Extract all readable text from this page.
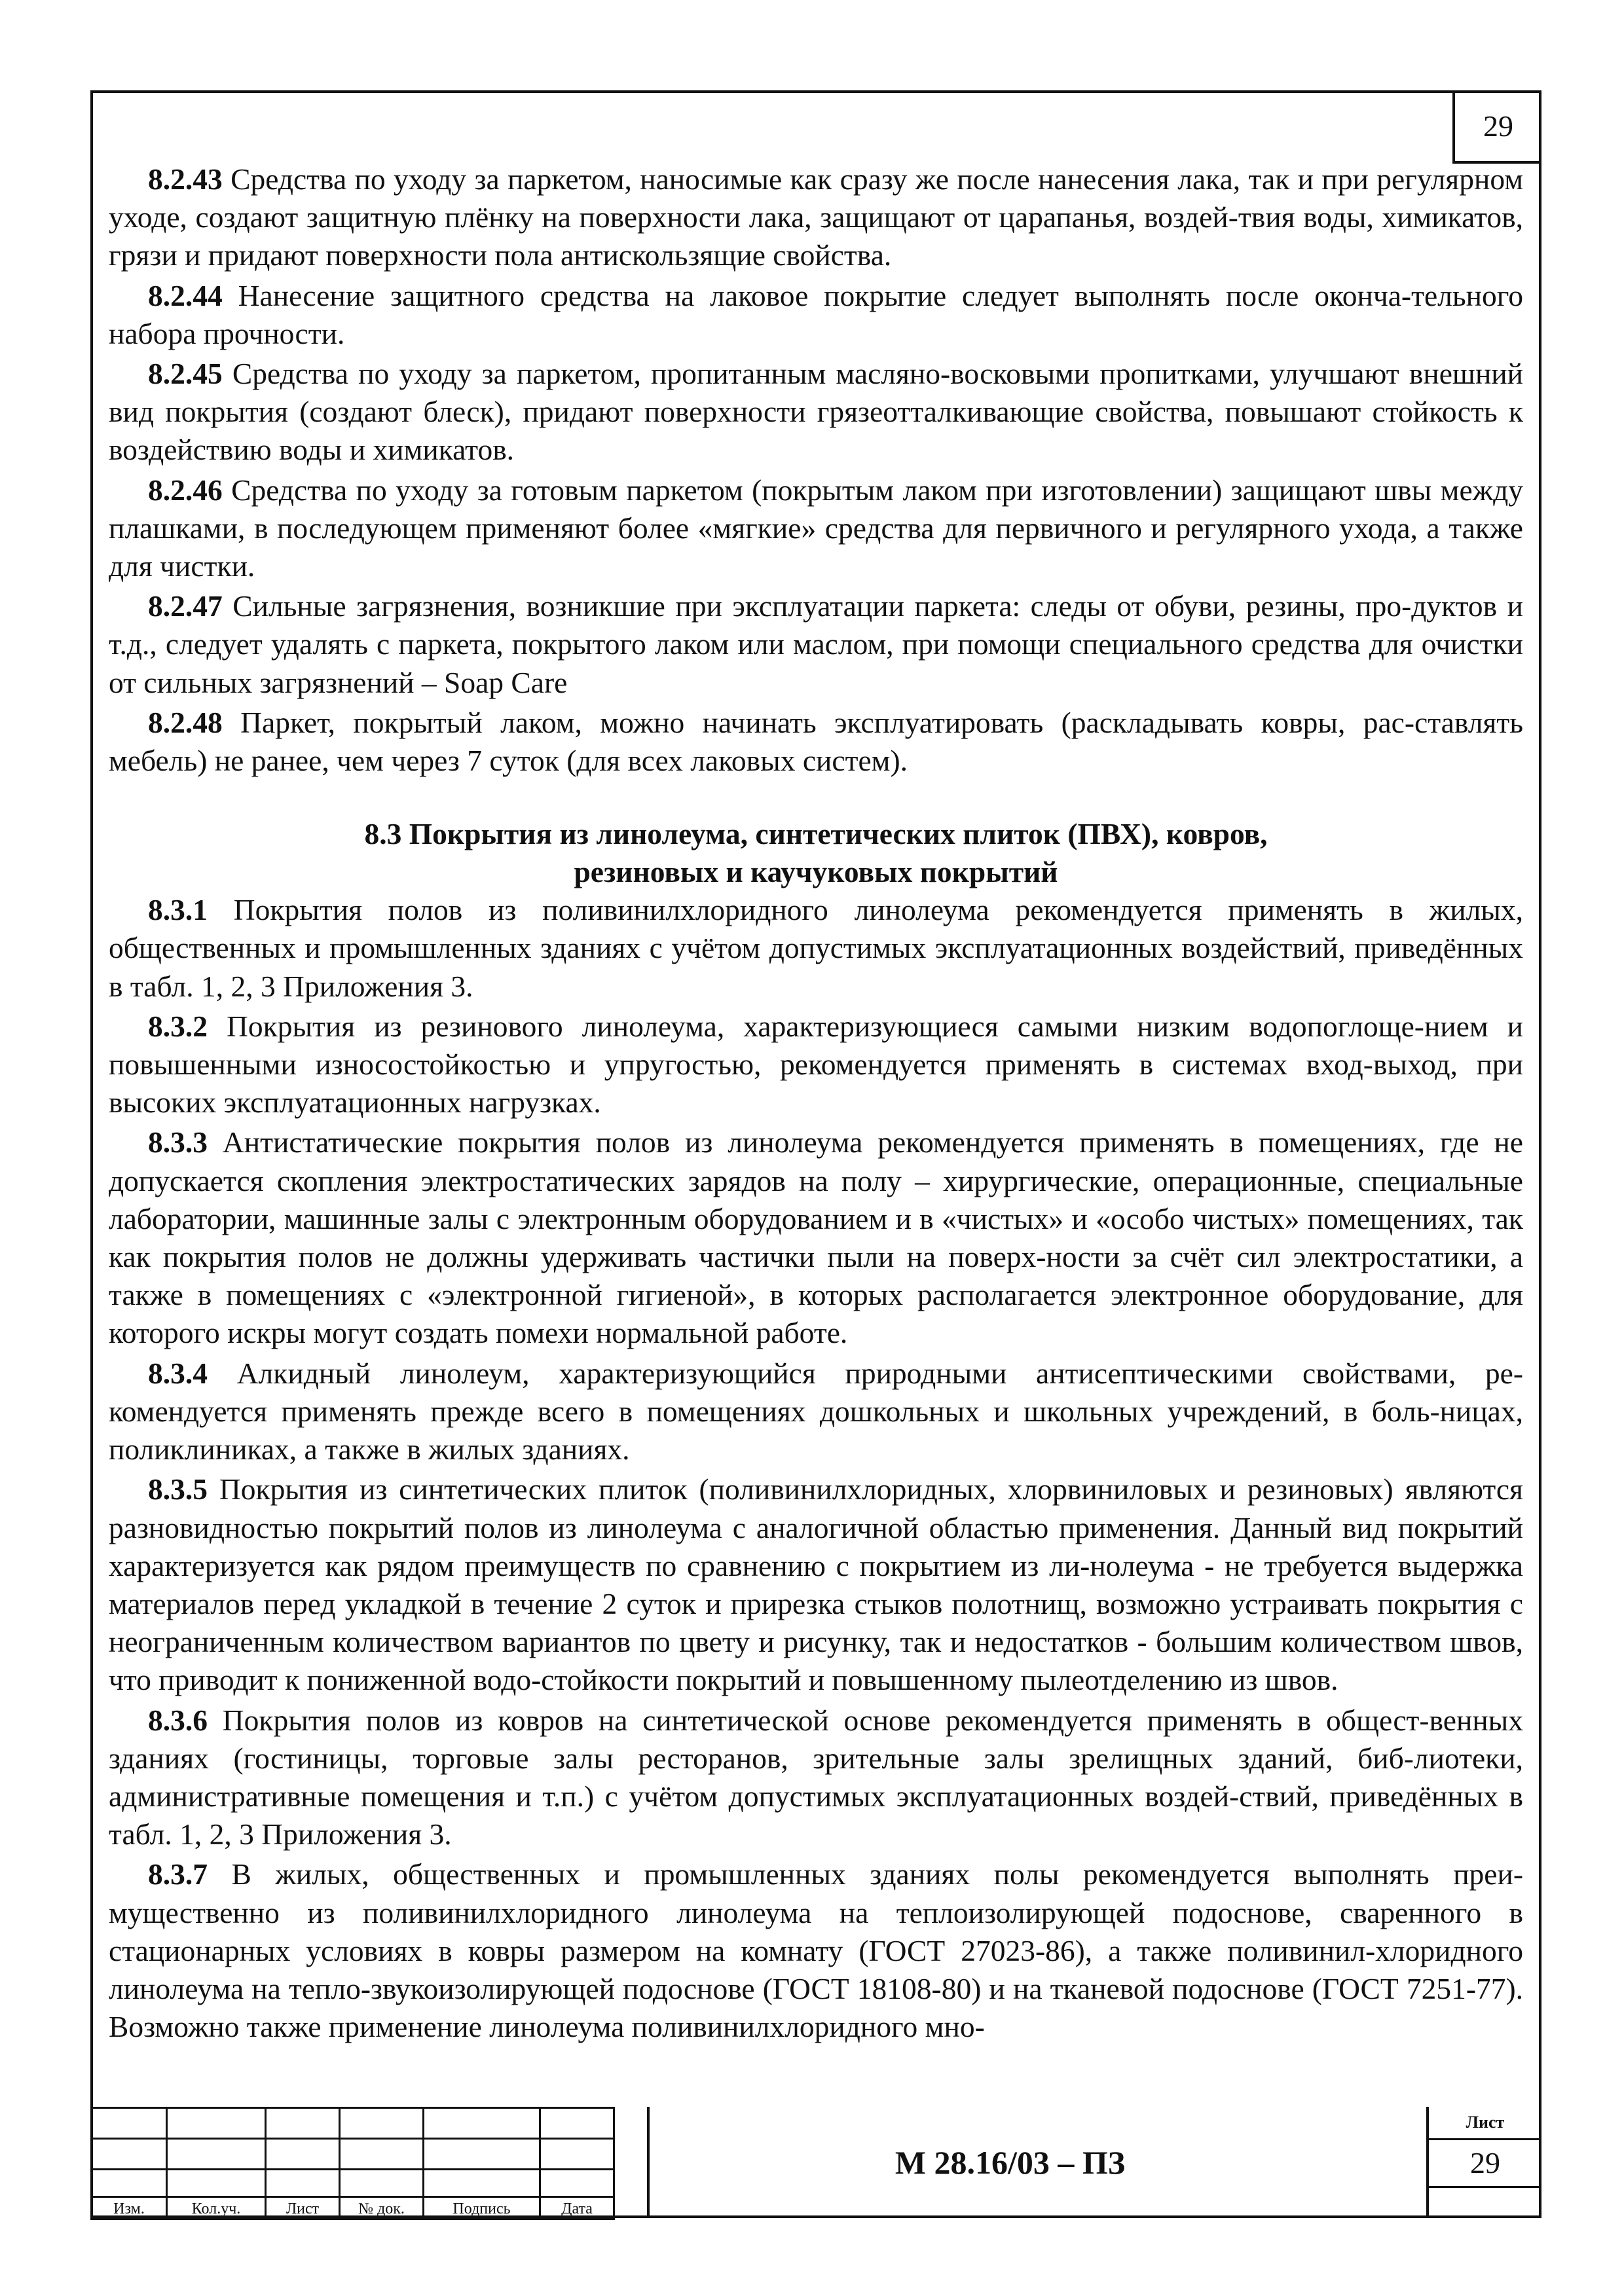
29

8.2.43 Средства по уходу за паркетом, наносимые как сразу же после нанесения лака, так и при регулярном уходе, создают защитную плёнку на поверхности лака, защищают от царапанья, воздей-твия воды, химикатов, грязи и придают поверхности пола антискользящие свойства.

8.2.44 Нанесение защитного средства на лаковое покрытие следует выполнять после оконча-тельного набора прочности.

8.2.45 Средства по уходу за паркетом, пропитанным масляно-восковыми пропитками, улучшают внешний вид покрытия (создают блеск), придают поверхности грязеотталкивающие свойства, повышают стойкость к воздействию воды и химикатов.

8.2.46 Средства по уходу за готовым паркетом (покрытым лаком при изготовлении) защищают швы между плашками, в последующем применяют более «мягкие» средства для первичного и регулярного ухода, а также для чистки.

8.2.47 Сильные загрязнения, возникшие при эксплуатации паркета: следы от обуви, резины, про-дуктов и т.д., следует удалять с паркета, покрытого лаком или маслом, при помощи специального средства для очистки от сильных загрязнений – Soap Care

8.2.48 Паркет, покрытый лаком, можно начинать эксплуатировать (раскладывать ковры, рас-ставлять мебель) не ранее, чем через 7 суток (для всех лаковых систем).

8.3 Покрытия из линолеума, синтетических плиток (ПВХ), ковров,
резиновых и каучуковых покрытий

8.3.1 Покрытия полов из поливинилхлоридного линолеума рекомендуется применять в жилых, общественных и промышленных зданиях с учётом допустимых эксплуатационных воздействий, приведённых в табл. 1, 2, 3 Приложения 3.

8.3.2 Покрытия из резинового линолеума, характеризующиеся самыми низким водопоглоще-нием и повышенными износостойкостью и упругостью, рекомендуется применять в системах вход-выход, при высоких эксплуатационных нагрузках.

8.3.3 Антистатические покрытия полов из линолеума рекомендуется применять в помещениях, где не допускается скопления электростатических зарядов на полу – хирургические, операционные, специальные лаборатории, машинные залы с электронным оборудованием и в «чистых» и «особо чистых» помещениях, так как покрытия полов не должны удерживать частички пыли на поверх-ности за счёт сил электростатики, а также в помещениях с «электронной гигиеной», в которых располагается электронное оборудование, для которого искры могут создать помехи нормальной работе.

8.3.4 Алкидный линолеум, характеризующийся природными антисептическими свойствами, ре-комендуется применять прежде всего в помещениях дошкольных и школьных учреждений, в боль-ницах, поликлиниках, а также в жилых зданиях.

8.3.5 Покрытия из синтетических плиток (поливинилхлоридных, хлорвиниловых и резиновых) являются разновидностью покрытий полов из линолеума с аналогичной областью применения. Данный вид покрытий характеризуется как рядом преимуществ по сравнению с покрытием из ли-нолеума - не требуется выдержка материалов перед укладкой в течение 2 суток и прирезка стыков полотнищ, возможно устраивать покрытия с неограниченным количеством вариантов по цвету и рисунку, так и недостатков - большим количеством швов, что приводит к пониженной водо-стойкости покрытий и повышенному пылеотделению из швов.

8.3.6 Покрытия полов из ковров на синтетической основе рекомендуется применять в общест-венных зданиях (гостиницы, торговые залы ресторанов, зрительные залы зрелищных зданий, биб-лиотеки, административные помещения и т.п.) с учётом допустимых эксплуатационных воздей-ствий, приведённых в табл. 1, 2, 3 Приложения 3.

8.3.7 В жилых, общественных и промышленных зданиях полы рекомендуется выполнять преи-мущественно из поливинилхлоридного линолеума на теплоизолирующей подоснове, сваренного в стационарных условиях в ковры размером на комнату (ГОСТ 27023-86), а также поливинил-хлоридного линолеума на тепло-звукоизолирующей подоснове (ГОСТ 18108-80) и на тканевой подоснове (ГОСТ 7251-77). Возможно также применение линолеума поливинилхлоридного мно-

Изм.	Кол.уч.	Лист	№ док.	Подпись	Дата
М 28.16/03 – ПЗ
Лист
29
